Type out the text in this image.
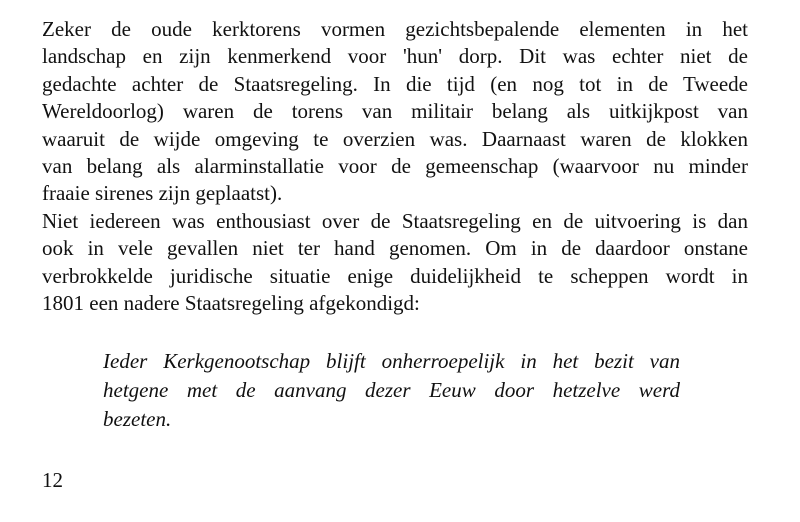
Zeker de oude kerktorens vormen gezichtsbepalende elementen in het
landschap en zijn kenmerkend voor 'hun' dorp. Dit was echter niet de
gedachte achter de Staatsregeling. In die tijd (en nog tot in de Tweede
Wereldoorlog) waren de torens van militair belang als uitkijkpost van
waaruit de wijde omgeving te overzien was. Daarnaast waren de klokken
van belang als alarminstallatie voor de gemeenschap (waarvoor nu minder
fraaie sirenes zijn geplaatst).
Niet iedereen was enthousiast over de Staatsregeling en de uitvoering is dan
ook in vele gevallen niet ter hand genomen. Om in de daardoor onstane
verbrokkelde juridische situatie enige duidelijkheid te scheppen wordt in
1801 een nadere Staatsregeling afgekondigd:
Ieder Kerkgenootschap blijft onherroepelijk in het bezit van
hetgene met de aanvang dezer Eeuw door hetzelve werd
bezeten.
12
